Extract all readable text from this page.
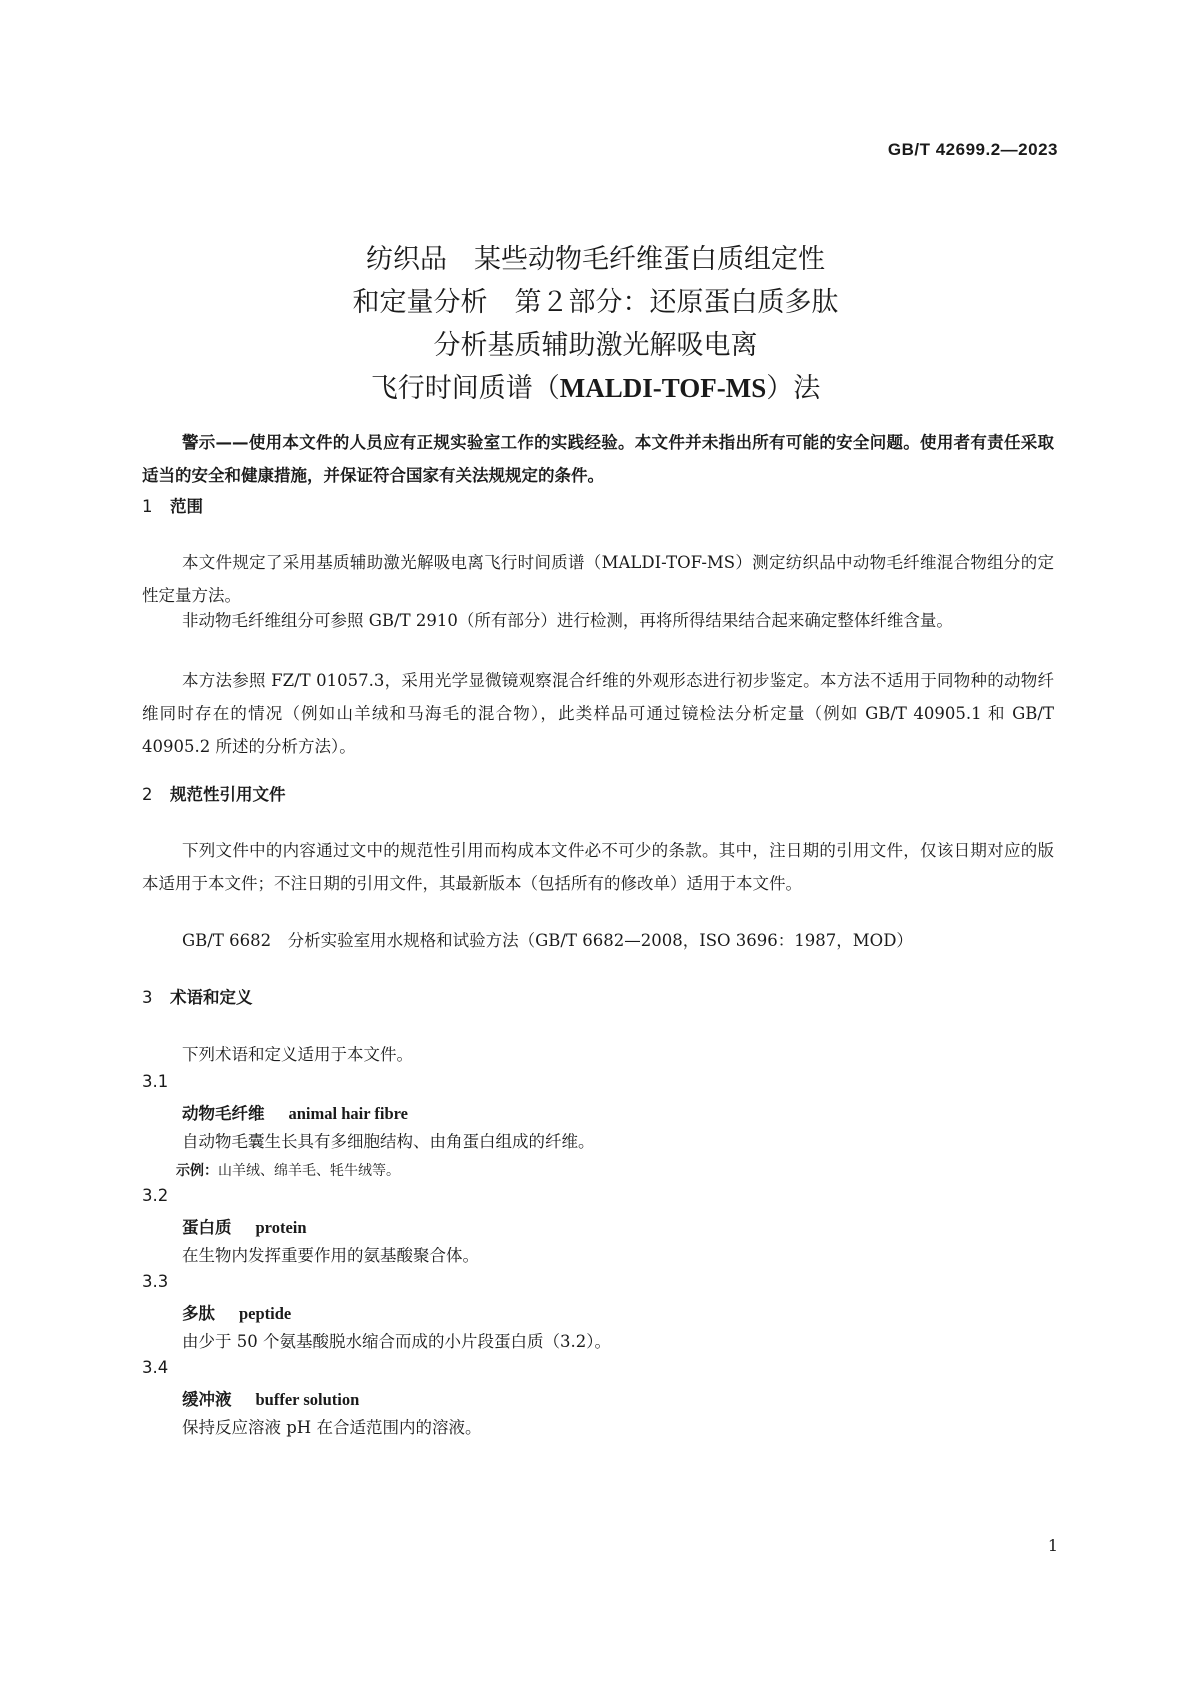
GB/T 42699.2—2023
纺织品　某些动物毛纤维蛋白质组定性
和定量分析　第２部分：还原蛋白质多肽
分析基质辅助激光解吸电离
飞行时间质谱（MALDI-TOF-MS）法
警示——使用本文件的人员应有正规实验室工作的实践经验。本文件并未指出所有可能的安全问题。使用者有责任采取适当的安全和健康措施，并保证符合国家有关法规规定的条件。
1 范围
本文件规定了采用基质辅助激光解吸电离飞行时间质谱（MALDI-TOF-MS）测定纺织品中动物毛纤维混合物组分的定性定量方法。
非动物毛纤维组分可参照 GB/T 2910（所有部分）进行检测，再将所得结果结合起来确定整体纤维含量。
本方法参照 FZ/T 01057.3，采用光学显微镜观察混合纤维的外观形态进行初步鉴定。本方法不适用于同物种的动物纤维同时存在的情况（例如山羊绒和马海毛的混合物），此类样品可通过镜检法分析定量（例如 GB/T 40905.1 和 GB/T 40905.2 所述的分析方法）。
2 规范性引用文件
下列文件中的内容通过文中的规范性引用而构成本文件必不可少的条款。其中，注日期的引用文件，仅该日期对应的版本适用于本文件；不注日期的引用文件，其最新版本（包括所有的修改单）适用于本文件。
GB/T 6682　分析实验室用水规格和试验方法（GB/T 6682—2008，ISO 3696：1987，MOD）
3 术语和定义
下列术语和定义适用于本文件。
3.1
动物毛纤维 animal hair fibre
自动物毛囊生长具有多细胞结构、由角蛋白组成的纤维。
示例：山羊绒、绵羊毛、牦牛绒等。
3.2
蛋白质 protein
在生物内发挥重要作用的氨基酸聚合体。
3.3
多肽 peptide
由少于 50 个氨基酸脱水缩合而成的小片段蛋白质（3.2）。
3.4
缓冲液 buffer solution
保持反应溶液 pH 在合适范围内的溶液。
1
